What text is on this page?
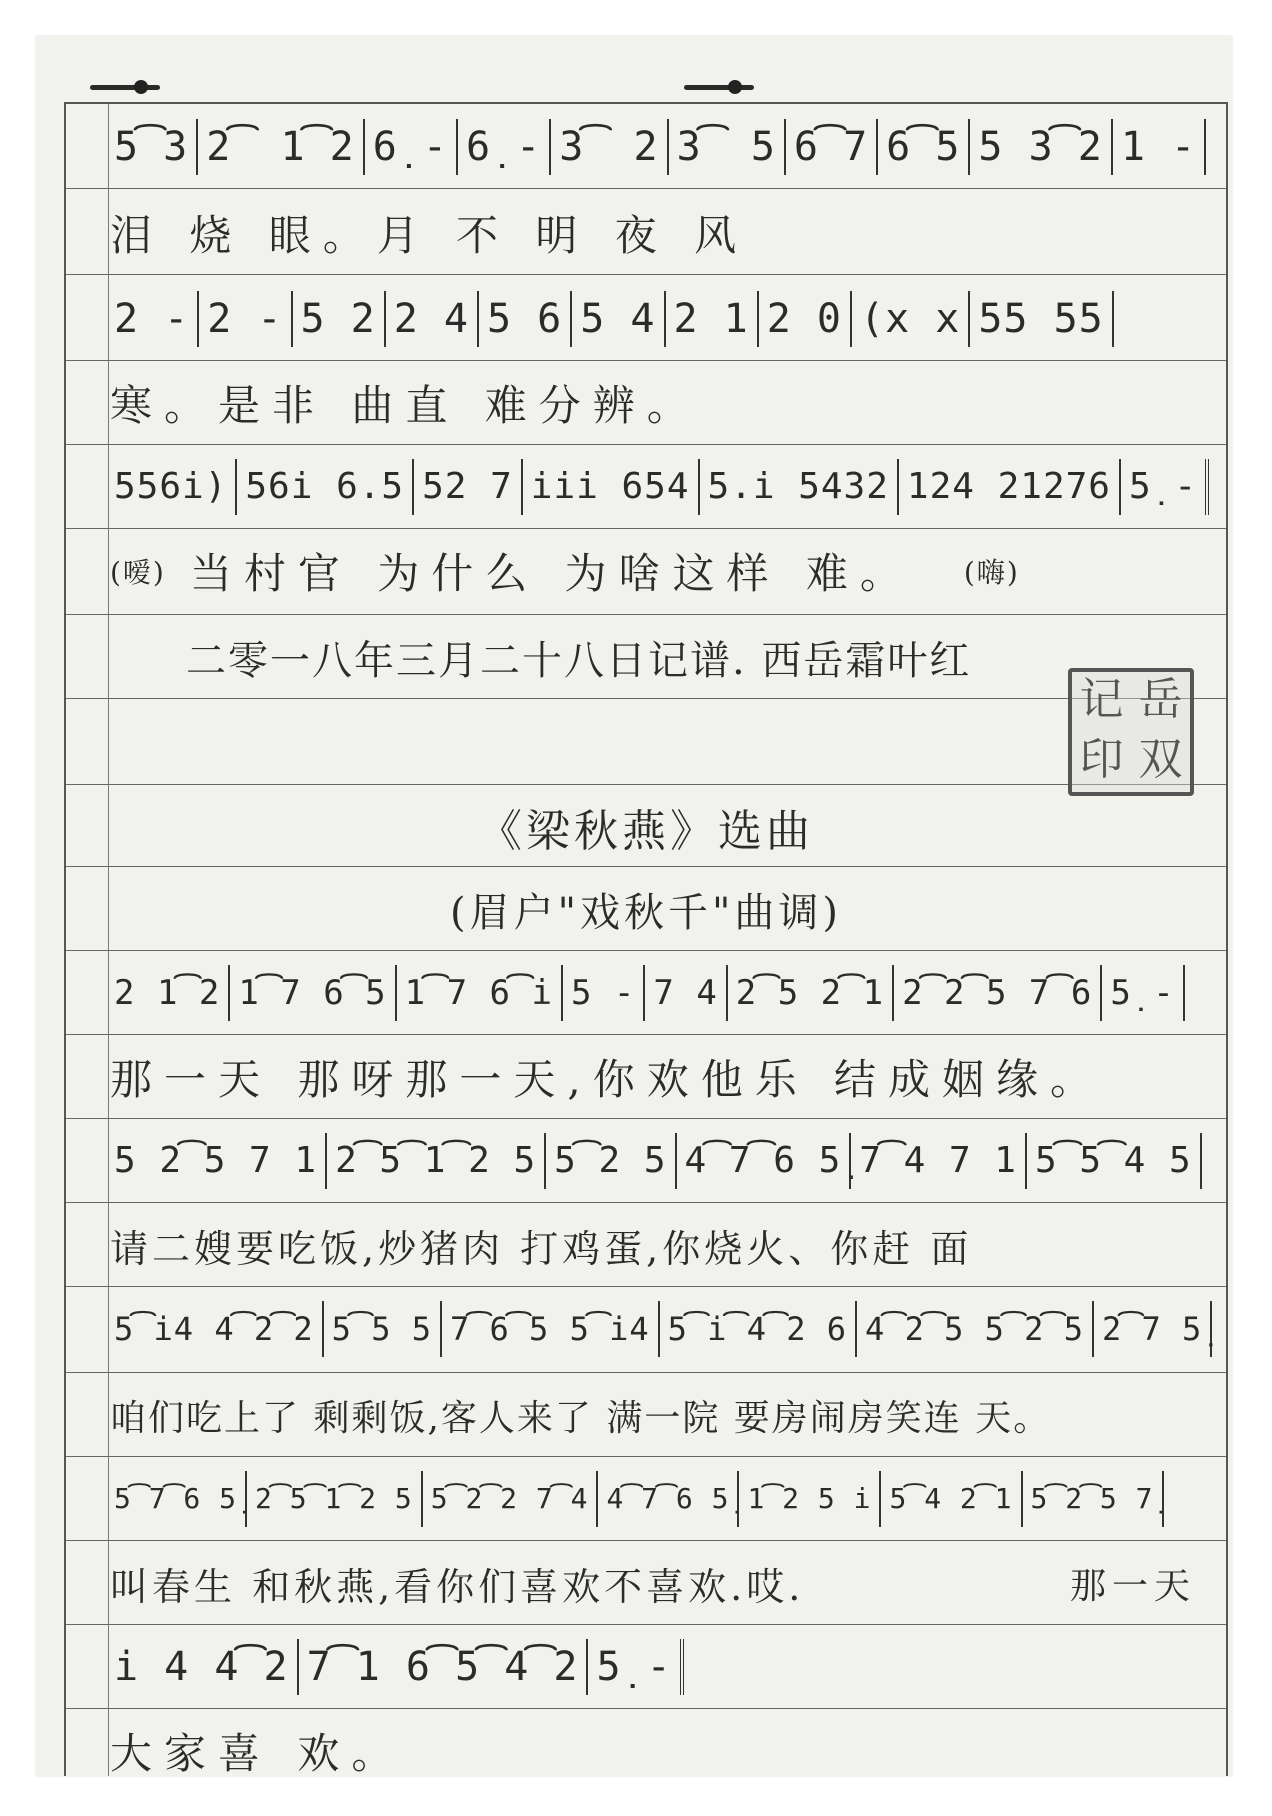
5͡3 2͡ 1͡2 6̣ - 6̣ - 3͡ 2 3͡ 5 6͡7 6͡5 5 3͡2 1 -
泪 烧 眼。月 不 明 夜 风
2 - 2 - 5 2 2 4 5 6 5 4 2 1 2 0 (x x 55 55
寒。是非 曲直 难分辨。
556i) 56i 6.5 52 7 iii 654 5.i 5432 124 21276 5̣ -
(嗳) 当村官 为什么 为啥这样 难。 (嗨)
二零一八年三月二十八日记谱. 西岳霜叶红
《梁秋燕》选曲
(眉户"戏秋千"曲调)
2 1͡2 1͡7 6͡5 1͡7 6͡i 5 - 7 4 2͡5 2͡1 2͡2͡5 7͡6 5̣ -
那一天 那呀那一天,你欢他乐 结成姻缘。
5 2͡5 7 1 2͡5͡1͡2 5 5͡2 5 4͡7͡6 5̣ 7͡4 7 1 5͡5͡4 5
请二嫂要吃饭,炒猪肉 打鸡蛋,你烧火、你赶 面
5͡i4 4͡2͡2 5͡5 5 7͡6͡5 5͡i4 5͡i͡4͡2 6 4͡2͡5 5͡2͡5 2͡7 5̣
咱们吃上了 剩剩饭,客人来了 满一院 要房闹房笑连 天。
5͡7͡6 5̣ 2͡5͡1͡2 5 5͡2͡2 7͡4 4͡7͡6 5̣ 1͡2 5 i 5͡4 2͡1 5͡2͡5 7̣
叫春生 和秋燕,看你们喜欢不喜欢.哎.	那一天
i 4 4͡2 7͡1 6͡5͡4͡2 5̣ -
大家喜 欢。
记 岳
印 双
